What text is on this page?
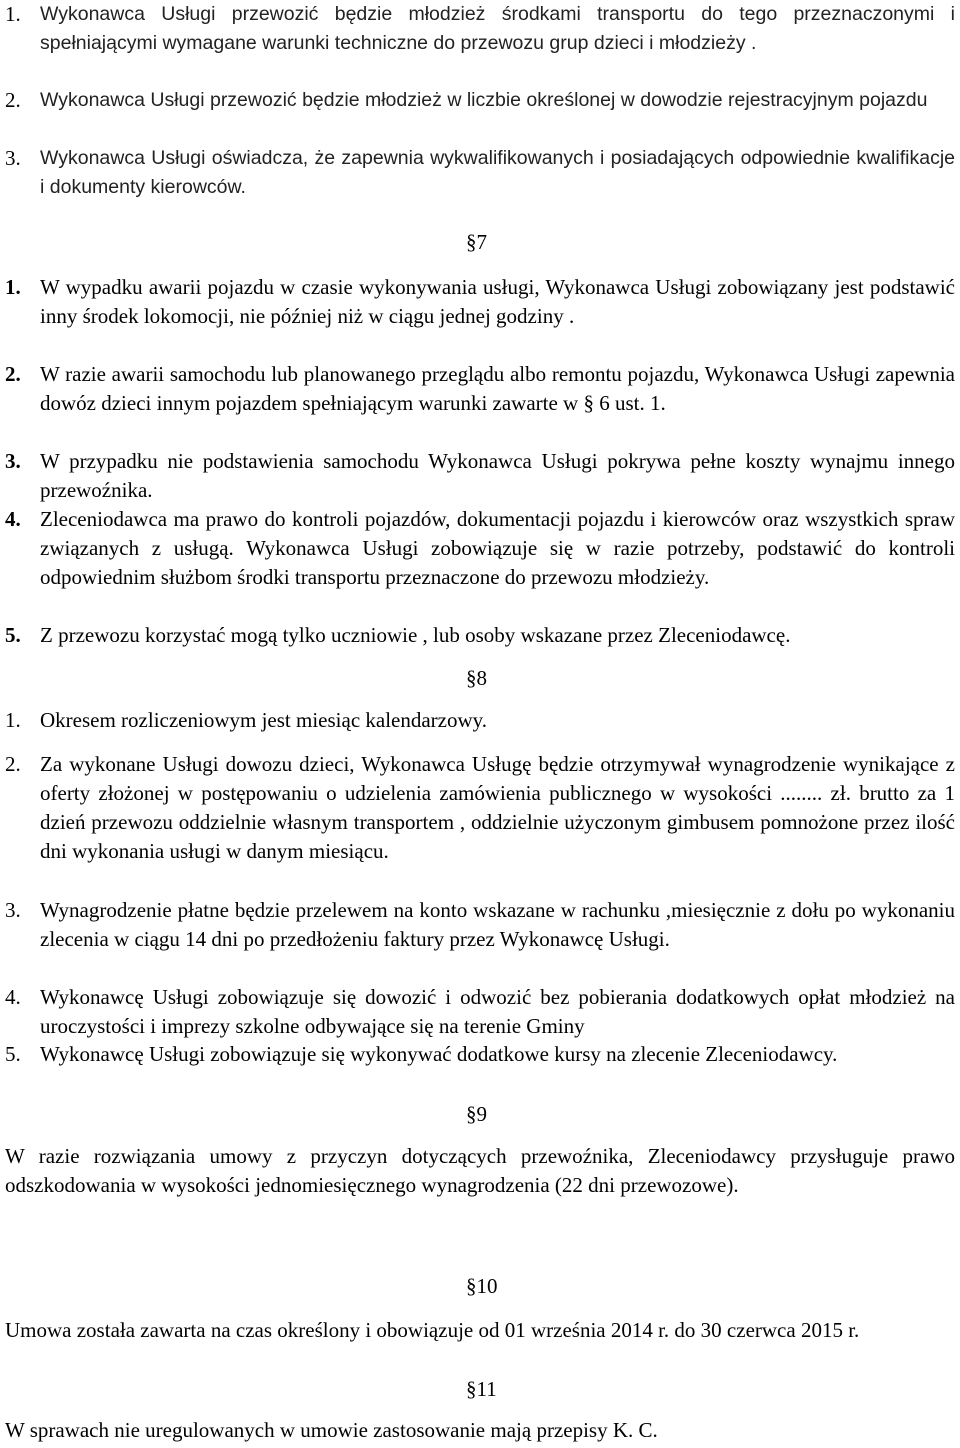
1. Wykonawca Usługi przewozić będzie młodzież środkami transportu do tego przeznaczonymi i spełniającymi wymagane warunki techniczne do przewozu grup dzieci i młodzieży .
2. Wykonawca Usługi przewozić będzie młodzież w liczbie określonej w dowodzie rejestracyjnym pojazdu
3. Wykonawca Usługi oświadcza, że zapewnia wykwalifikowanych i posiadających odpowiednie kwalifikacje i dokumenty kierowców.
§7
1. W wypadku awarii pojazdu w czasie wykonywania usługi, Wykonawca Usługi zobowiązany jest podstawić inny środek lokomocji, nie później niż w ciągu jednej godziny .
2. W razie awarii samochodu lub planowanego przeglądu albo remontu pojazdu, Wykonawca Usługi zapewnia dowóz dzieci innym pojazdem spełniającym warunki zawarte w § 6 ust. 1.
3. W przypadku nie podstawienia samochodu Wykonawca Usługi pokrywa pełne koszty wynajmu innego przewoźnika.
4. Zleceniodawca ma prawo do kontroli pojazdów, dokumentacji pojazdu i kierowców oraz wszystkich spraw związanych z usługą. Wykonawca Usługi zobowiązuje się w razie potrzeby, podstawić do kontroli odpowiednim służbom środki transportu przeznaczone do przewozu młodzieży.
5. Z przewozu korzystać mogą tylko uczniowie , lub osoby wskazane przez Zleceniodawcę.
§8
1. Okresem rozliczeniowym jest miesiąc kalendarzowy.
2. Za wykonane Usługi dowozu dzieci, Wykonawca Usługę będzie otrzymywał wynagrodzenie wynikające z oferty złożonej w postępowaniu o udzielenia zamówienia publicznego w wysokości ........ zł. brutto za 1 dzień przewozu oddzielnie własnym transportem , oddzielnie użyczonym gimbusem pomnożone przez ilość dni wykonania usługi w danym miesiącu.
3. Wynagrodzenie płatne będzie przelewem na konto wskazane w rachunku ,miesięcznie z dołu po wykonaniu zlecenia w ciągu 14 dni po przedłożeniu faktury przez Wykonawcę Usługi.
4. Wykonawcę Usługi zobowiązuje się dowozić i odwozić bez pobierania dodatkowych opłat młodzież na uroczystości i imprezy szkolne odbywające się na terenie Gminy
5. Wykonawcę Usługi zobowiązuje się wykonywać dodatkowe kursy na zlecenie Zleceniodawcy.
§9
W razie rozwiązania umowy z przyczyn dotyczących przewoźnika, Zleceniodawcy przysługuje prawo odszkodowania w wysokości jednomiesięcznego wynagrodzenia (22 dni przewozowe).
§10
Umowa została zawarta na czas określony i obowiązuje od 01 września 2014 r. do 30 czerwca 2015 r.
§11
W sprawach nie uregulowanych w umowie zastosowanie mają przepisy K. C.
